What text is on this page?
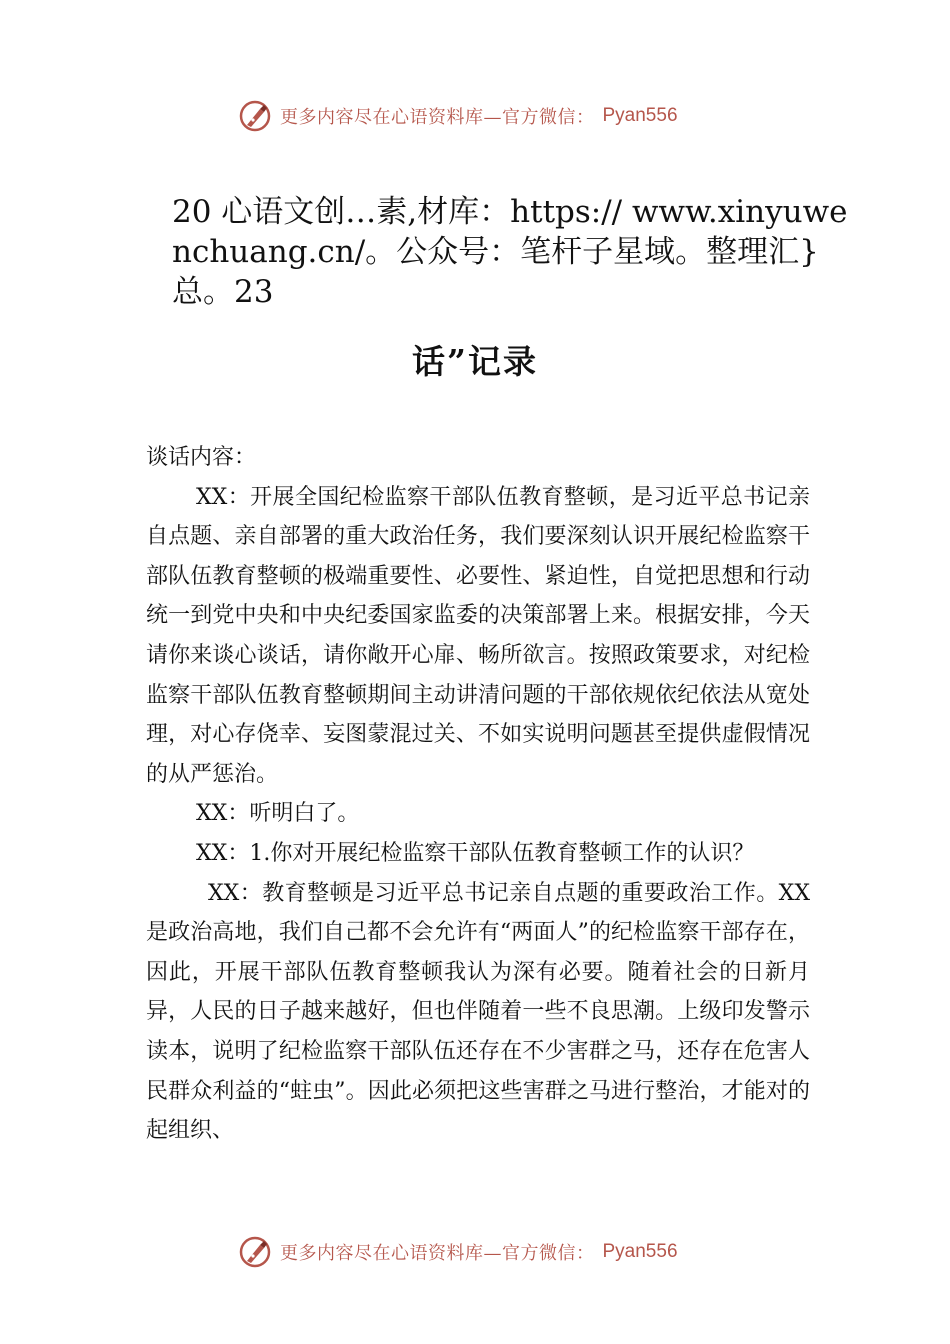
更多内容尽在心语资料库—官方微信： Pyan556
20 心语文创…素,材库：https:// www.xinyuwenchuang.cn/。公众号：笔杆子星域。整理汇}总。23
话”记录

谈话内容：

XX：开展全国纪检监察干部队伍教育整顿，是习近平总书记亲自点题、亲自部署的重大政治任务，我们要深刻认识开展纪检监察干部队伍教育整顿的极端重要性、必要性、紧迫性，自觉把思想和行动统一到党中央和中央纪委国家监委的决策部署上来。根据安排，今天请你来谈心谈话，请你敞开心扉、畅所欲言。按照政策要求，对纪检监察干部队伍教育整顿期间主动讲清问题的干部依规依纪依法从宽处理，对心存侥幸、妄图蒙混过关、不如实说明问题甚至提供虚假情况的从严惩治。

XX：听明白了。

XX：1.你对开展纪检监察干部队伍教育整顿工作的认识？

XX：教育整顿是习近平总书记亲自点题的重要政治工作。XX 是政治高地，我们自己都不会允许有“两面人”的纪检监察干部存在，因此，开展干部队伍教育整顿我认为深有必要。随着社会的日新月异，人民的日子越来越好，但也伴随着一些不良思潮。上级印发警示读本，说明了纪检监察干部队伍还存在不少害群之马，还存在危害人民群众利益的“蛀虫”。因此必须把这些害群之马进行整治，才能对的起组织、

更多内容尽在心语资料库—官方微信： Pyan556
